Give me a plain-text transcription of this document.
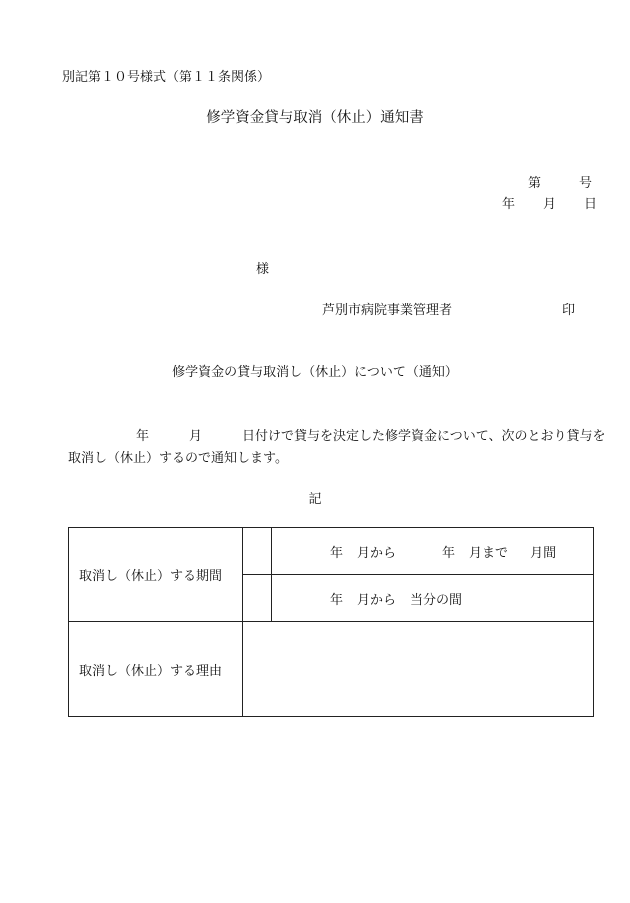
別記第１０号様式（第１１条関係）
修学資金貸与取消（休止）通知書
第	号
年 月 日
様
芦別市病院事業管理者	印
修学資金の貸与取消し（休止）について（通知）
年	月	日付けで貸与を決定した修学資金について、次のとおり貸与を
取消し（休止）するので通知します。
記
取消し（休止）する期間		年 月から 年 月まで 月間
		年 月から 当分の間
取消し（休止）する理由		
